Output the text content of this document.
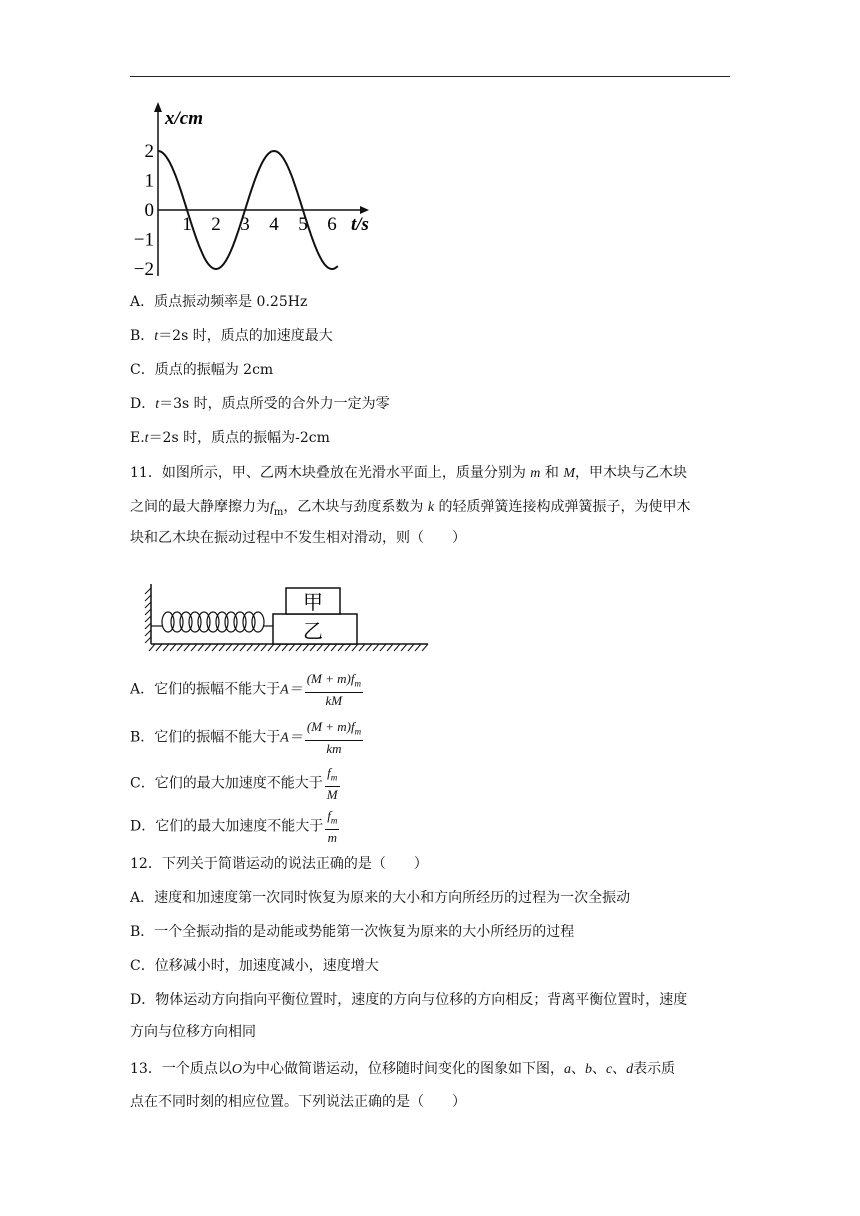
x/cm
t/s
1 2 3 4 5 6
2
1
0
−1
−2
A．质点振动频率是 0.25Hz
B．t＝2s 时，质点的加速度最大
C．质点的振幅为 2cm
D．t＝3s 时，质点所受的合外力一定为零
E.t＝2s 时，质点的振幅为-2cm
11．如图所示，甲、乙两木块叠放在光滑水平面上，质量分别为 m 和 M，甲木块与乙木块
之间的最大静摩擦力为$f_m$，乙木块与劲度系数为 k 的轻质弹簧连接构成弹簧振子，为使甲木
块和乙木块在振动过程中不发生相对滑动，则（　　）
甲
乙
A．它们的振幅不能大于$A= \frac{(M + m)f_m}{kM}$
B．它们的振幅不能大于$A= \frac{(M + m)f_m}{km}$
C．它们的最大加速度不能大于 $\frac{f_m}{M}$
D．它们的最大加速度不能大于 $\frac{f_m}{m}$
12．下列关于简谐运动的说法正确的是（　　）
A．速度和加速度第一次同时恢复为原来的大小和方向所经历的过程为一次全振动
B．一个全振动指的是动能或势能第一次恢复为原来的大小所经历的过程
C．位移减小时，加速度减小，速度增大
D．物体运动方向指向平衡位置时，速度的方向与位移的方向相反；背离平衡位置时，速度
方向与位移方向相同
13．一个质点以O为中心做简谐运动，位移随时间变化的图象如下图，a、b、c、d表示质
点在不同时刻的相应位置。下列说法正确的是（　　）
